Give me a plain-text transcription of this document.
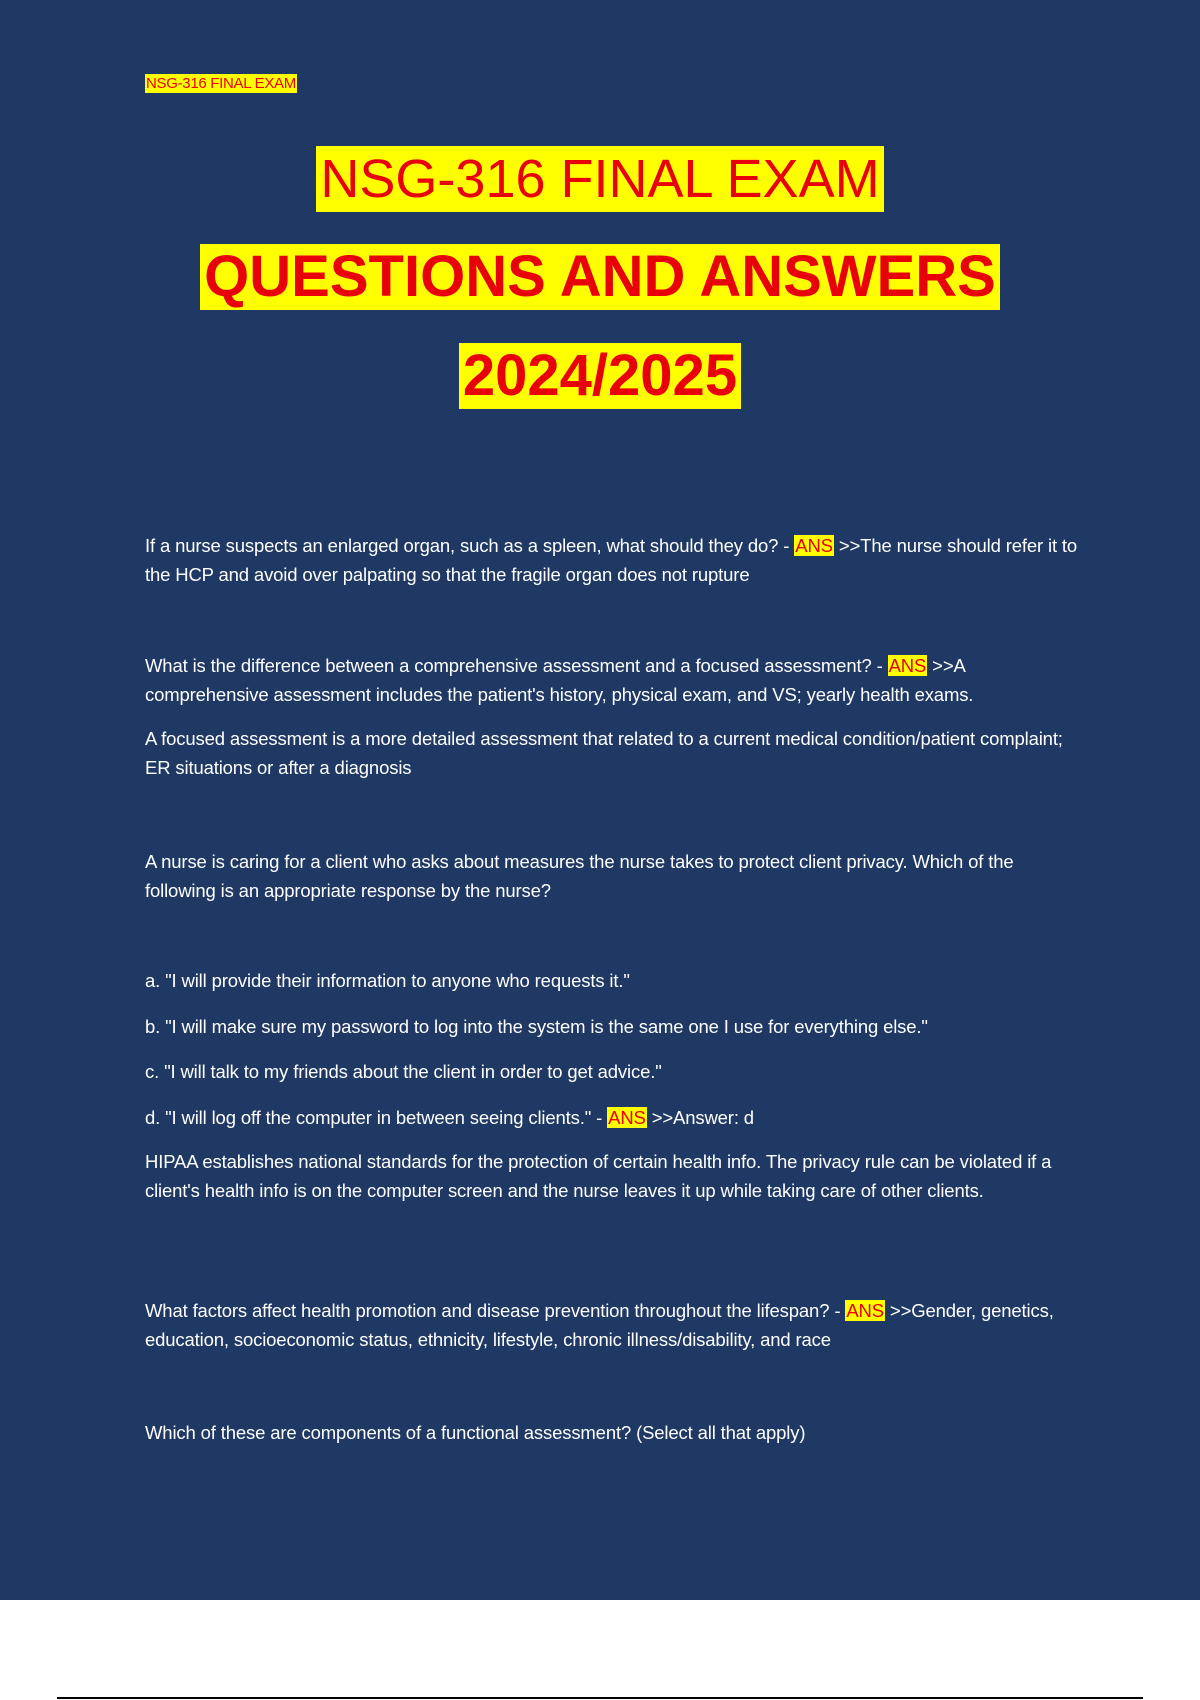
NSG-316 FINAL EXAM
NSG-316 FINAL EXAM
QUESTIONS AND ANSWERS
2024/2025

If a nurse suspects an enlarged organ, such as a spleen, what should they do? - ANS >>The nurse should refer it to the HCP and avoid over palpating so that the fragile organ does not rupture

What is the difference between a comprehensive assessment and a focused assessment? - ANS >>A comprehensive assessment includes the patient's history, physical exam, and VS; yearly health exams.

A focused assessment is a more detailed assessment that related to a current medical condition/patient complaint; ER situations or after a diagnosis

A nurse is caring for a client who asks about measures the nurse takes to protect client privacy. Which of the following is an appropriate response by the nurse?

a. "I will provide their information to anyone who requests it."

b. "I will make sure my password to log into the system is the same one I use for everything else."

c. "I will talk to my friends about the client in order to get advice."

d. "I will log off the computer in between seeing clients." - ANS >>Answer: d

HIPAA establishes national standards for the protection of certain health info. The privacy rule can be violated if a client's health info is on the computer screen and the nurse leaves it up while taking care of other clients.

What factors affect health promotion and disease prevention throughout the lifespan? - ANS >>Gender, genetics, education, socioeconomic status, ethnicity, lifestyle, chronic illness/disability, and race

Which of these are components of a functional assessment? (Select all that apply)
